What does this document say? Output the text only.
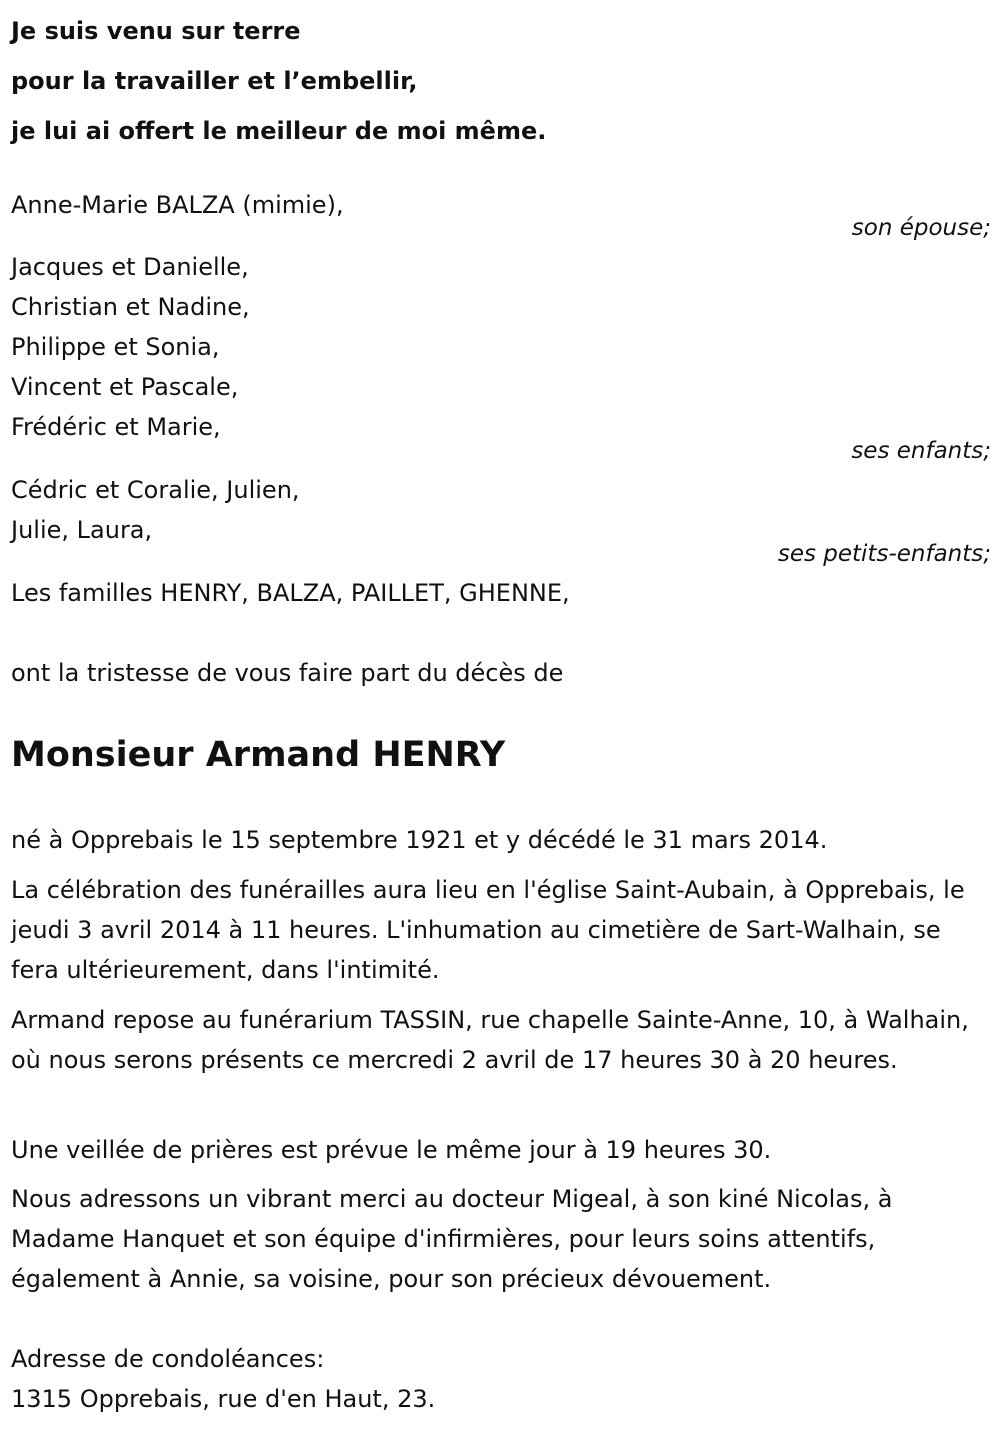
Je suis venu sur terre
pour la travailler et l’embellir,
je lui ai offert le meilleur de moi même.
Anne-Marie BALZA (mimie),
son épouse;
Jacques et Danielle,
Christian et Nadine,
Philippe et Sonia,
Vincent et Pascale,
Frédéric et Marie,
ses enfants;
Cédric et Coralie, Julien,
Julie, Laura,
ses petits-enfants;
Les familles HENRY, BALZA, PAILLET, GHENNE,
ont la tristesse de vous faire part du décès de
Monsieur Armand HENRY

né à Opprebais le 15 septembre 1921 et y décédé le 31 mars 2014.

La célébration des funérailles aura lieu en l'église Saint-Aubain, à Opprebais, le jeudi 3 avril 2014 à 11 heures. L'inhumation au cimetière de Sart-Walhain, se fera ultérieurement, dans l'intimité.

Armand repose au funérarium TASSIN, rue chapelle Sainte-Anne, 10, à Walhain, où nous serons présents ce mercredi 2 avril de 17 heures 30 à 20 heures.

Une veillée de prières est prévue le même jour à 19 heures 30.

Nous adressons un vibrant merci au docteur Migeal, à son kiné Nicolas, à Madame Hanquet et son équipe d'infirmières, pour leurs soins attentifs, également à Annie, sa voisine, pour son précieux dévouement.

Adresse de condoléances:
1315 Opprebais, rue d'en Haut, 23.
